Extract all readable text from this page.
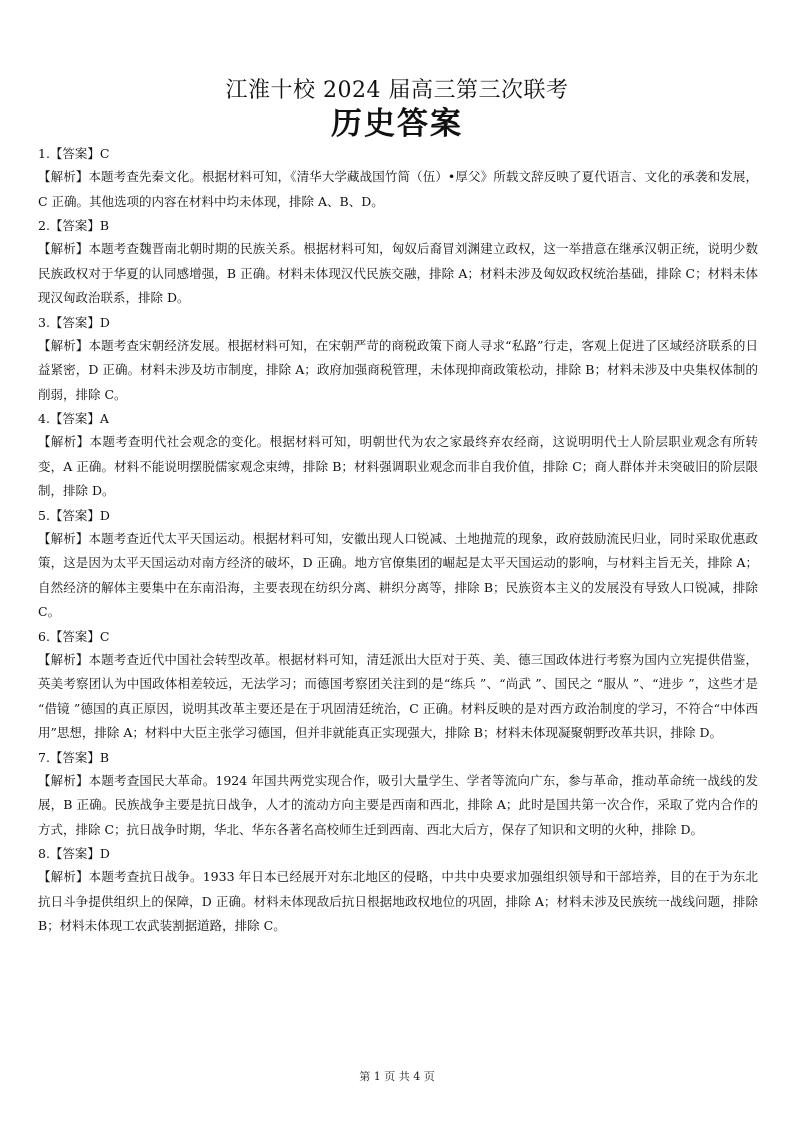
江淮十校 2024 届高三第三次联考
历史答案
1.【答案】C

【解析】本题考查先秦文化。根据材料可知，《清华大学藏战国竹简（伍）•厚父》所载文辞反映了夏代语言、文化的承袭和发展，C 正确。其他选项的内容在材料中均未体现，排除 A、B、D。

2.【答案】B

【解析】本题考查魏晋南北朝时期的民族关系。根据材料可知，匈奴后裔冒刘渊建立政权，这一举措意在继承汉朝正统，说明少数民族政权对于华夏的认同感增强，B 正确。材料未体现汉代民族交融，排除 A；材料未涉及匈奴政权统治基础，排除 C；材料未体现汉匈政治联系，排除 D。

3.【答案】D

【解析】本题考查宋朝经济发展。根据材料可知，在宋朝严苛的商税政策下商人寻求“私路”行走，客观上促进了区域经济联系的日益紧密，D 正确。材料未涉及坊市制度，排除 A；政府加强商税管理，未体现抑商政策松动，排除 B；材料未涉及中央集权体制的削弱，排除 C。

4.【答案】A

【解析】本题考查明代社会观念的变化。根据材料可知，明朝世代为农之家最终弃农经商，这说明明代士人阶层职业观念有所转变，A 正确。材料不能说明摆脱儒家观念束缚，排除 B；材料强调职业观念而非自我价值，排除 C；商人群体并未突破旧的阶层限制，排除 D。

5.【答案】D

【解析】本题考查近代太平天国运动。根据材料可知，安徽出现人口锐减、土地抛荒的现象，政府鼓励流民归业，同时采取优惠政策，这是因为太平天国运动对南方经济的破坏，D 正确。地方官僚集团的崛起是太平天国运动的影响，与材料主旨无关，排除 A；自然经济的解体主要集中在东南沿海，主要表现在纺织分离、耕织分离等，排除 B；民族资本主义的发展没有导致人口锐减，排除 C。

6.【答案】C

【解析】本题考查近代中国社会转型改革。根据材料可知，清廷派出大臣对于英、美、德三国政体进行考察为国内立宪提供借鉴，英美考察团认为中国政体相差较远，无法学习；而德国考察团关注到的是“练兵 ”、“尚武 ”、国民之 “服从 ”、“进步 ”，这些才是 “借镜 ”德国的真正原因，说明其改革主要还是在于巩固清廷统治，C 正确。材料反映的是对西方政治制度的学习，不符合“中体西用”思想，排除 A；材料中大臣主张学习德国，但并非就能真正实现强大，排除 B；材料未体现凝聚朝野改革共识，排除 D。

7.【答案】B

【解析】本题考查国民大革命。1924 年国共两党实现合作，吸引大量学生、学者等流向广东，参与革命，推动革命统一战线的发展，B 正确。民族战争主要是抗日战争，人才的流动方向主要是西南和西北，排除 A；此时是国共第一次合作，采取了党内合作的方式，排除 C；抗日战争时期，华北、华东各著名高校师生迁到西南、西北大后方，保存了知识和文明的火种，排除 D。

8.【答案】D

【解析】本题考查抗日战争。1933 年日本已经展开对东北地区的侵略，中共中央要求加强组织领导和干部培养，目的在于为东北抗日斗争提供组织上的保障，D 正确。材料未体现敌后抗日根据地政权地位的巩固，排除 A；材料未涉及民族统一战线问题，排除 B；材料未体现工农武装割据道路，排除 C。

第 1 页 共 4 页
